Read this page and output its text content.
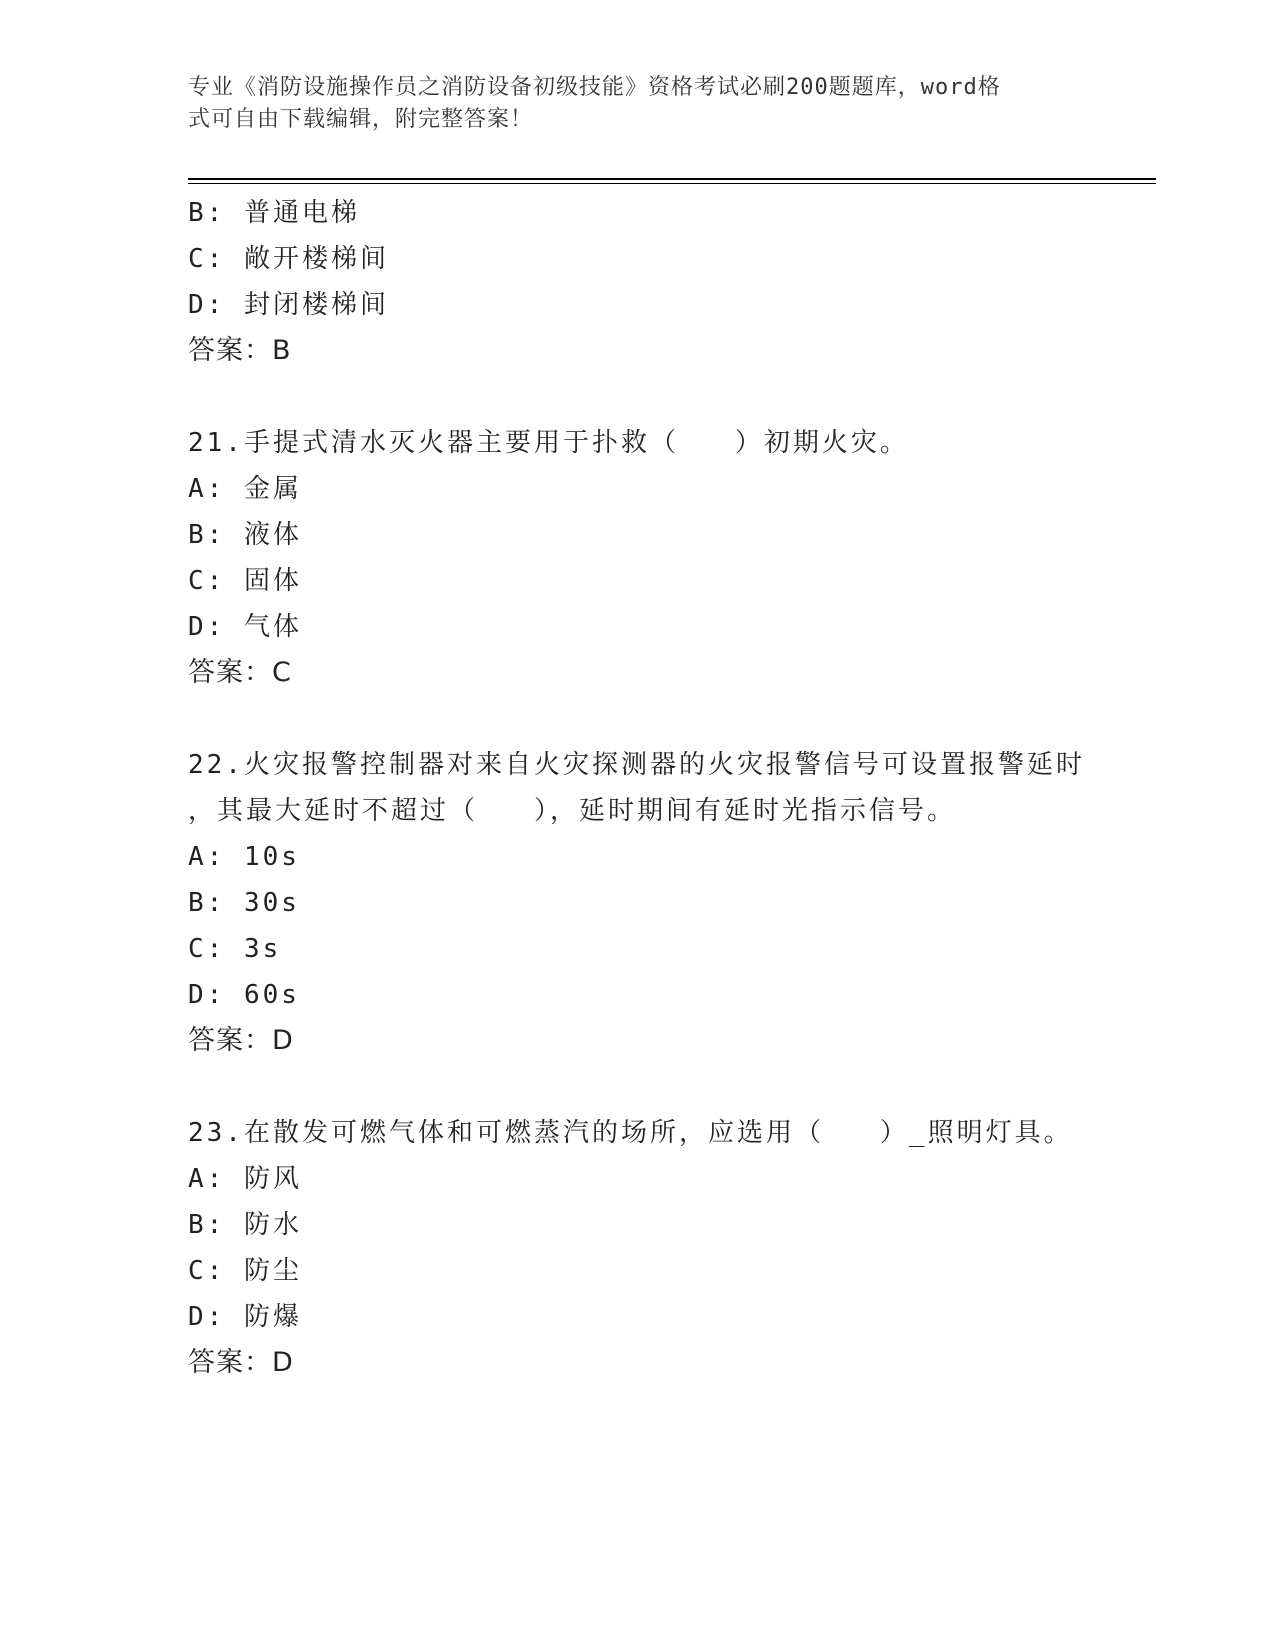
专业《消防设施操作员之消防设备初级技能》资格考试必刷200题题库，word格
式可自由下载编辑，附完整答案！
B: 普通电梯
C: 敞开楼梯间
D: 封闭楼梯间
答案：B
21.手提式清水灭火器主要用于扑救（   ）初期火灾。
A: 金属
B: 液体
C: 固体
D: 气体
答案：C
22.火灾报警控制器对来自火灾探测器的火灾报警信号可设置报警延时
，其最大延时不超过（   ），延时期间有延时光指示信号。
A: 10s
B: 30s
C: 3s
D: 60s
答案：D
23.在散发可燃气体和可燃蒸汽的场所，应选用（   ）_照明灯具。
A: 防风
B: 防水
C: 防尘
D: 防爆
答案：D
